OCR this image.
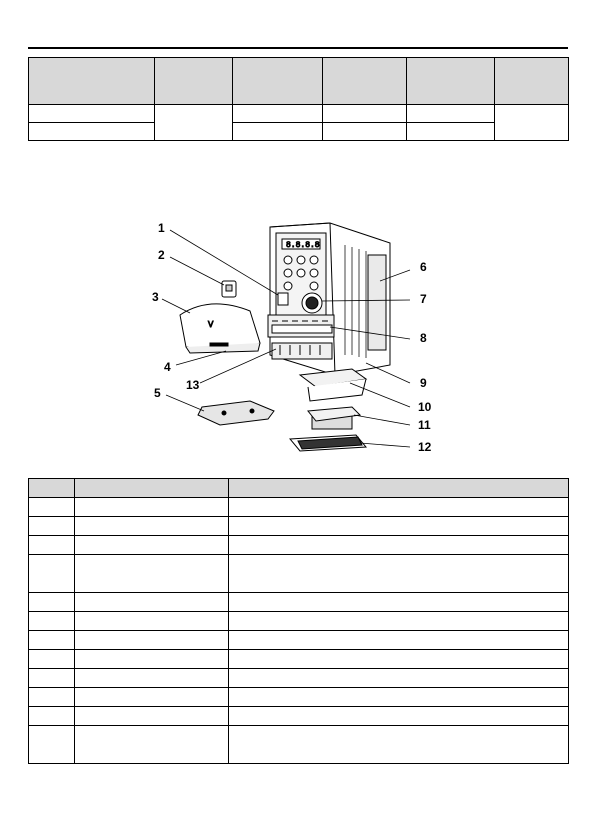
8.8.8.8
V
1
2
3
4
5
6
7
8
9
10
11
12
13
